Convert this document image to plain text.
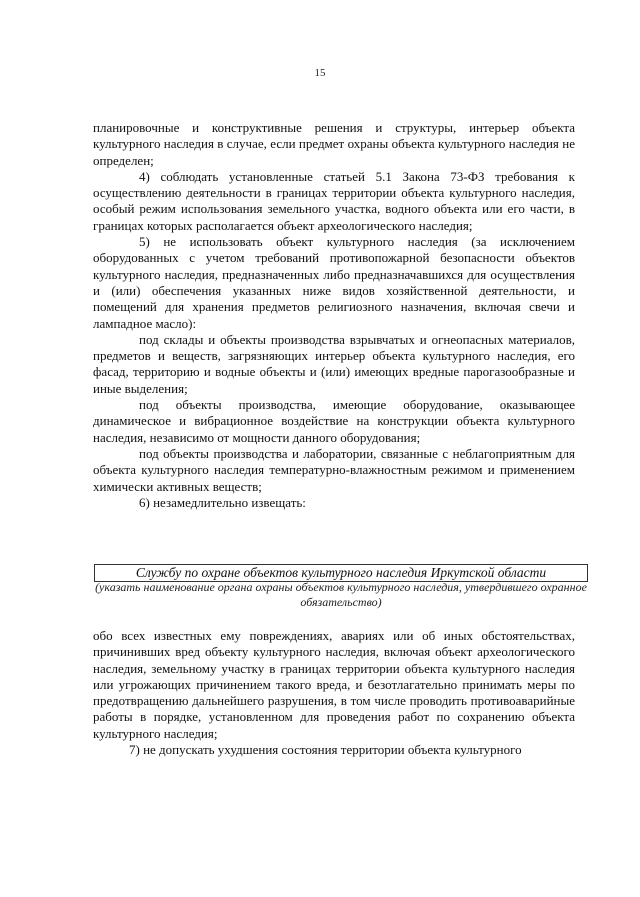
15

планировочные и конструктивные решения и структуры, интерьер объекта культурного наследия в случае, если предмет охраны объекта культурного наследия не определен;

4) соблюдать установленные статьей 5.1 Закона 73-ФЗ требования к осуществлению деятельности в границах территории объекта культурного наследия, особый режим использования земельного участка, водного объекта или его части, в границах которых располагается объект археологического наследия;

5) не использовать объект культурного наследия (за исключением оборудованных с учетом требований противопожарной безопасности объектов культурного наследия, предназначенных либо предназначавшихся для осуществления и (или) обеспечения указанных ниже видов хозяйственной деятельности, и помещений для хранения предметов религиозного назначения, включая свечи и лампадное масло):

под склады и объекты производства взрывчатых и огнеопасных материалов, предметов и веществ, загрязняющих интерьер объекта культурного наследия, его фасад, территорию и водные объекты и (или) имеющих вредные парогазообразные и иные выделения;

под объекты производства, имеющие оборудование, оказывающее динамическое и вибрационное воздействие на конструкции объекта культурного наследия, независимо от мощности данного оборудования;

под объекты производства и лаборатории, связанные с неблагоприятным для объекта культурного наследия температурно-влажностным режимом и применением химически активных веществ;

6) незамедлительно извещать:

Службу по охране объектов культурного наследия Иркутской области
(указать наименование органа охраны объектов культурного наследия, утвердившего охранное обязательство)

обо всех известных ему повреждениях, авариях или об иных обстоятельствах, причинивших вред объекту культурного наследия, включая объект археологического наследия, земельному участку в границах территории объекта культурного наследия или угрожающих причинением такого вреда, и безотлагательно принимать меры по предотвращению дальнейшего разрушения, в том числе проводить противоаварийные работы в порядке, установленном для проведения работ по сохранению объекта культурного наследия;

7) не допускать ухудшения состояния территории объекта культурного
